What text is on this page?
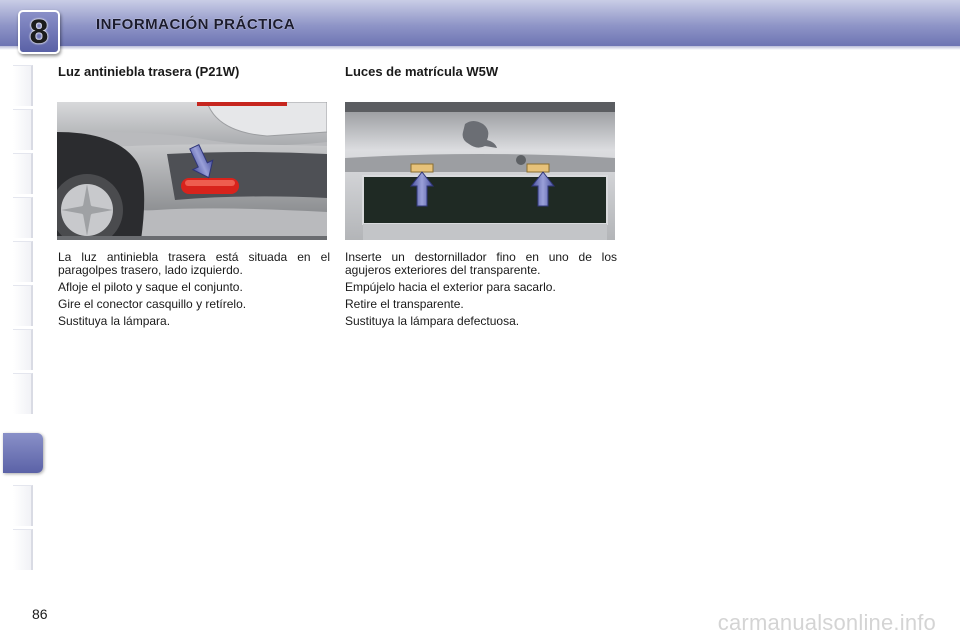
8	INFORMACIÓN PRÁCTICA
Luz antiniebla trasera (P21W)

La luz antiniebla trasera está situada en el paragolpes trasero, lado izquierdo.

Afloje el piloto y saque el conjunto.

Gire el conector casquillo y retírelo.

Sustituya la lámpara.

Luces de matrícula W5W

Inserte un destornillador fino en uno de los agujeros exteriores del transparente.

Empújelo hacia el exterior para sacarlo.

Retire el transparente.

Sustituya la lámpara defectuosa.

86	carmanualsonline.info
